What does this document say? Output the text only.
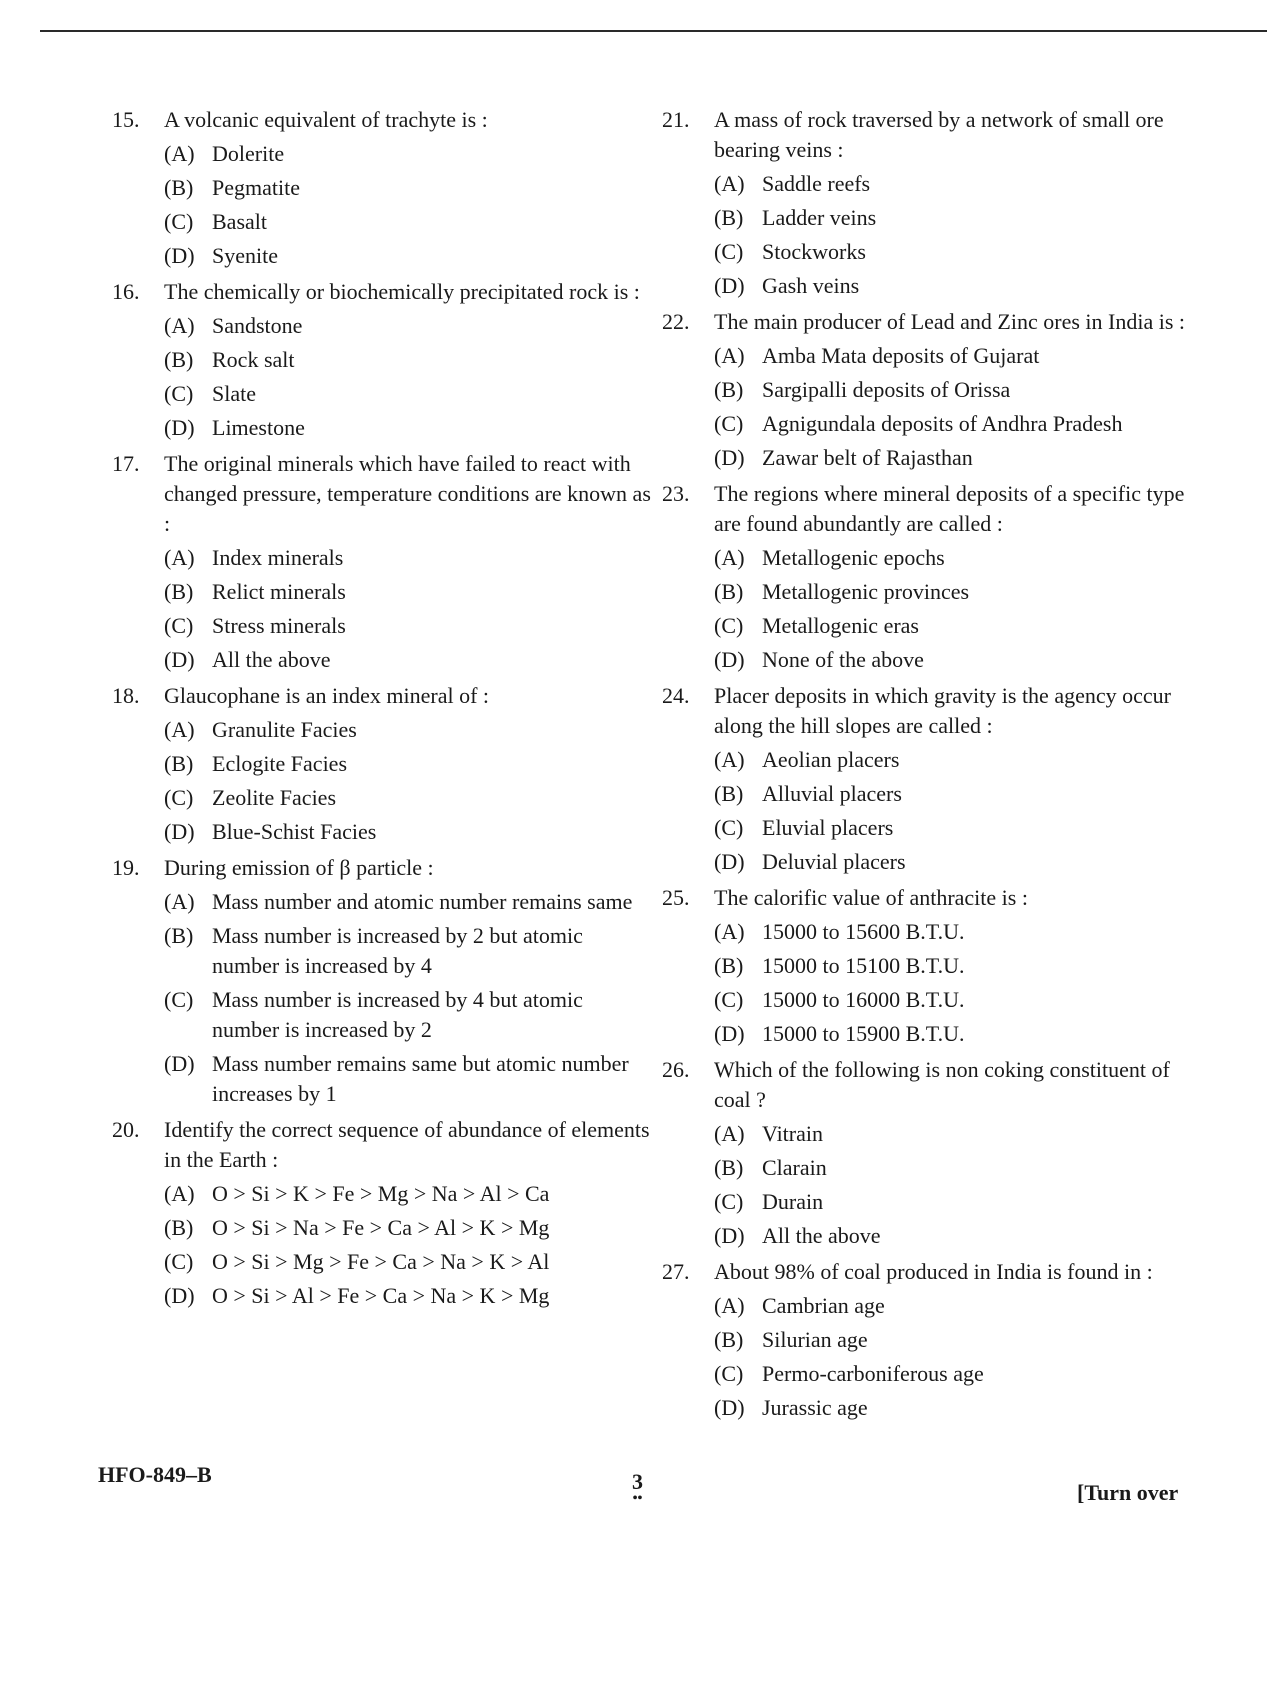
15.	A volcanic equivalent of trachyte is :
(A) Dolerite
(B) Pegmatite
(C) Basalt
(D) Syenite
16.	The chemically or biochemically precipitated rock is :
(A) Sandstone
(B) Rock salt
(C) Slate
(D) Limestone
17.	The original minerals which have failed to react with changed pressure, temperature conditions are known as :
(A) Index minerals
(B) Relict minerals
(C) Stress minerals
(D) All the above
18.	Glaucophane is an index mineral of :
(A) Granulite Facies
(B) Eclogite Facies
(C) Zeolite Facies
(D) Blue-Schist Facies
19.	During emission of β particle :
(A) Mass number and atomic number remains same
(B) Mass number is increased by 2 but atomic number is increased by 4
(C) Mass number is increased by 4 but atomic number is increased by 2
(D) Mass number remains same but atomic number increases by 1
20.	Identify the correct sequence of abundance of elements in the Earth :
(A) O > Si > K > Fe > Mg > Na > Al > Ca
(B) O > Si > Na > Fe > Ca > Al > K > Mg
(C) O > Si > Mg > Fe > Ca > Na > K > Al
(D) O > Si > Al > Fe > Ca > Na > K > Mg
21.	A mass of rock traversed by a network of small ore bearing veins :
(A) Saddle reefs
(B) Ladder veins
(C) Stockworks
(D) Gash veins
22.	The main producer of Lead and Zinc ores in India is :
(A) Amba Mata deposits of Gujarat
(B) Sargipalli deposits of Orissa
(C) Agnigundala deposits of Andhra Pradesh
(D) Zawar belt of Rajasthan
23.	The regions where mineral deposits of a specific type are found abundantly are called :
(A) Metallogenic epochs
(B) Metallogenic provinces
(C) Metallogenic eras
(D) None of the above
24.	Placer deposits in which gravity is the agency occur along the hill slopes are called :
(A) Aeolian placers
(B) Alluvial placers
(C) Eluvial placers
(D) Deluvial placers
25.	The calorific value of anthracite is :
(A) 15000 to 15600 B.T.U.
(B) 15000 to 15100 B.T.U.
(C) 15000 to 16000 B.T.U.
(D) 15000 to 15900 B.T.U.
26.	Which of the following is non coking constituent of coal ?
(A) Vitrain
(B) Clarain
(C) Durain
(D) All the above
27.	About 98% of coal produced in India is found in :
(A) Cambrian age
(B) Silurian age
(C) Permo-carboniferous age
(D) Jurassic age
HFO-849–B	3
••	[Turn over
